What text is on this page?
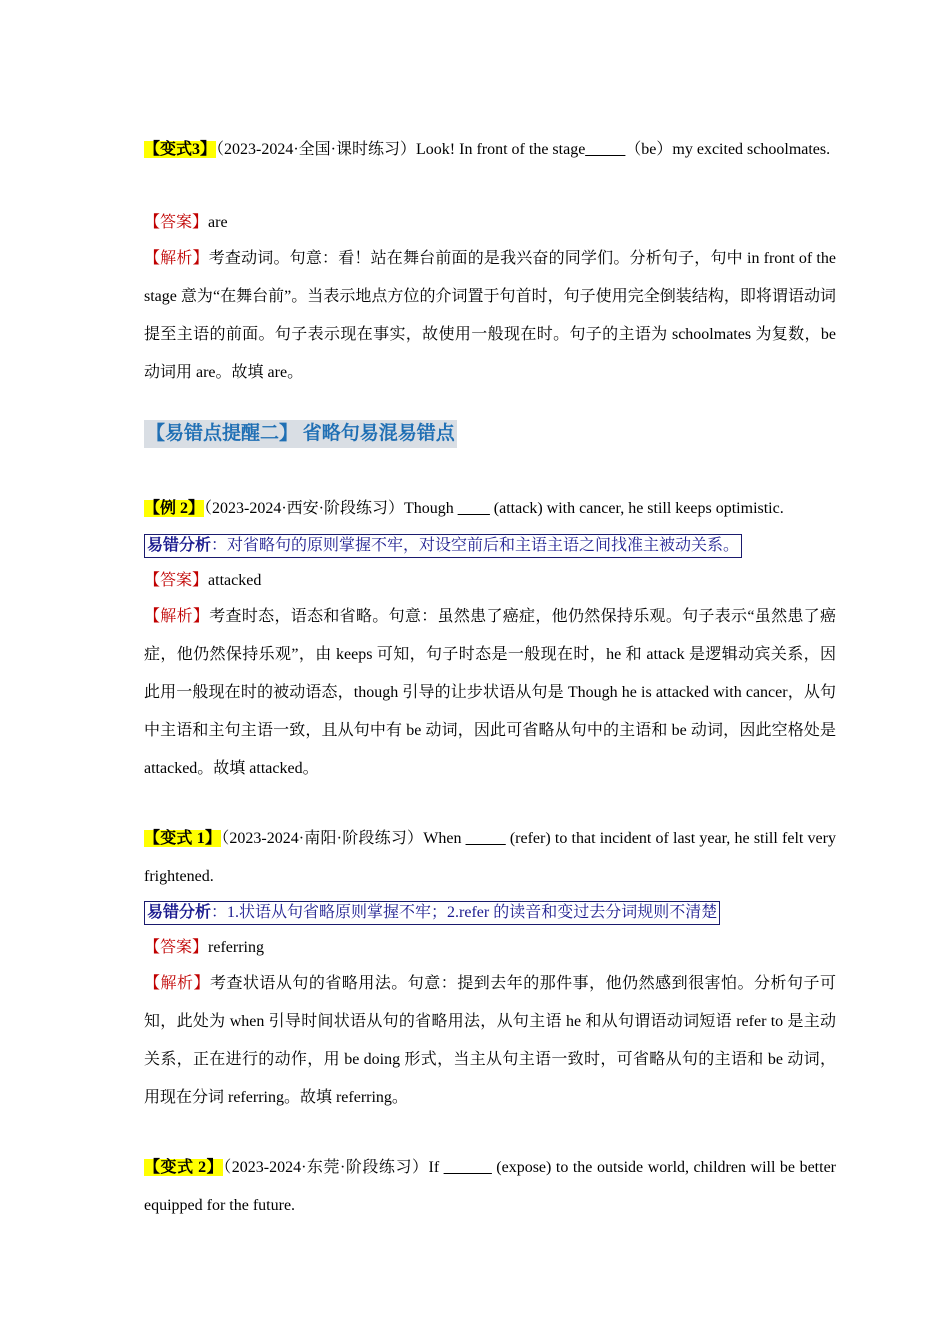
【变式3】（2023-2024·全国·课时练习）Look! In front of the stage_____（be）my excited schoolmates.
【答案】are
【解析】考查动词。句意：看！站在舞台前面的是我兴奋的同学们。分析句子，句中 in front of the stage 意为“在舞台前”。当表示地点方位的介词置于句首时，句子使用完全倒装结构，即将谓语动词提至主语的前面。句子表示现在事实，故使用一般现在时。句子的主语为 schoolmates 为复数，be 动词用 are。故填 are。
【易错点提醒二】 省略句易混易错点
【例 2】（2023-2024·西安·阶段练习）Though ____ (attack) with cancer, he still keeps optimistic.
易错分析：对省略句的原则掌握不牢，对设空前后和主语主语之间找准主被动关系。
【答案】attacked
【解析】考查时态，语态和省略。句意：虽然患了癌症，他仍然保持乐观。句子表示“虽然患了癌症，他仍然保持乐观”，由 keeps 可知，句子时态是一般现在时，he 和 attack 是逻辑动宾关系，因此用一般现在时的被动语态，though 引导的让步状语从句是 Though he is attacked with cancer，从句中主语和主句主语一致，且从句中有 be 动词，因此可省略从句中的主语和 be 动词，因此空格处是 attacked。故填 attacked。
【变式 1】（2023-2024·南阳·阶段练习）When _____ (refer) to that incident of last year, he still felt very frightened.
易错分析：1.状语从句省略原则掌握不牢；2.refer 的读音和变过去分词规则不清楚
【答案】referring
【解析】考查状语从句的省略用法。句意：提到去年的那件事，他仍然感到很害怕。分析句子可知，此处为 when 引导时间状语从句的省略用法，从句主语 he 和从句谓语动词短语 refer to 是主动关系，正在进行的动作，用 be doing 形式，当主从句主语一致时，可省略从句的主语和 be 动词，用现在分词 referring。故填 referring。
【变式 2】（2023-2024·东莞·阶段练习）If ______ (expose) to the outside world, children will be better equipped for the future.
